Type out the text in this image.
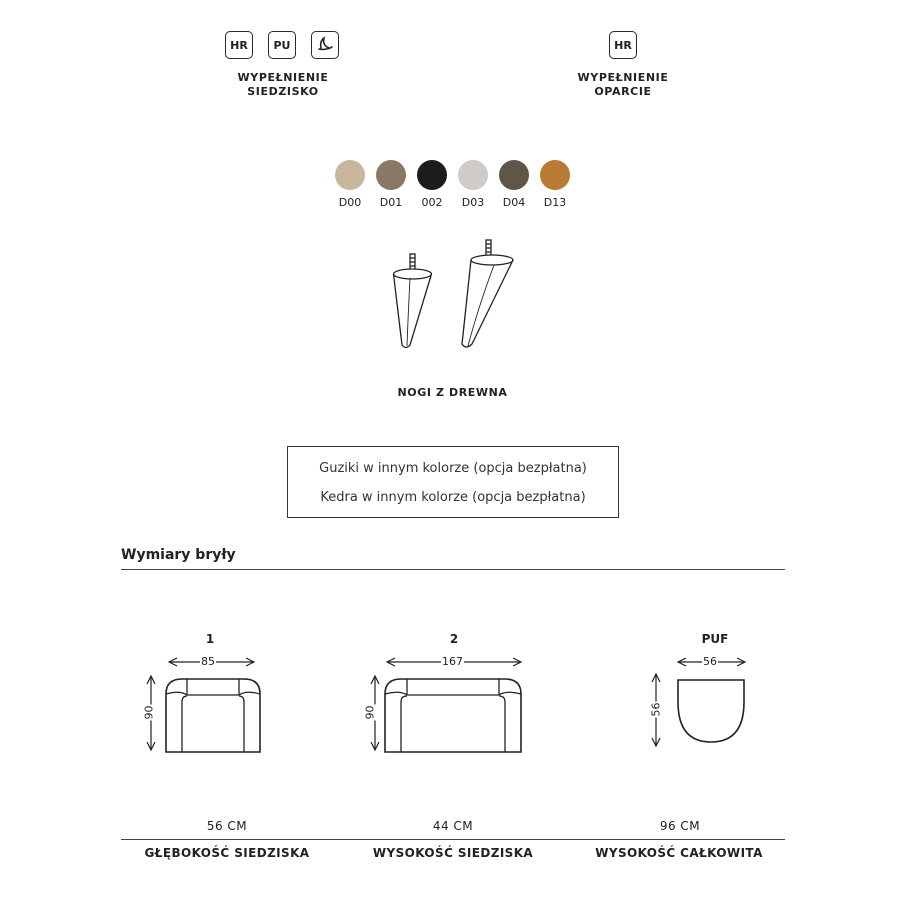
HR	PU
WYPEŁNIENIE
SIEDZISKO
HR
WYPEŁNIENIE
OPARCIE
D00	D01	002	D03	D04	D13
NOGI Z DREWNA
Guziki w innym kolorze (opcja bezpłatna)
Kedra w innym kolorze (opcja bezpłatna)
Wymiary bryły
1
85
90
2
167
90
PUF
56
56
56 CM	44 CM	96 CM
GŁĘBOKOŚĆ SIEDZISKA	WYSOKOŚĆ SIEDZISKA	WYSOKOŚĆ CAŁKOWITA
